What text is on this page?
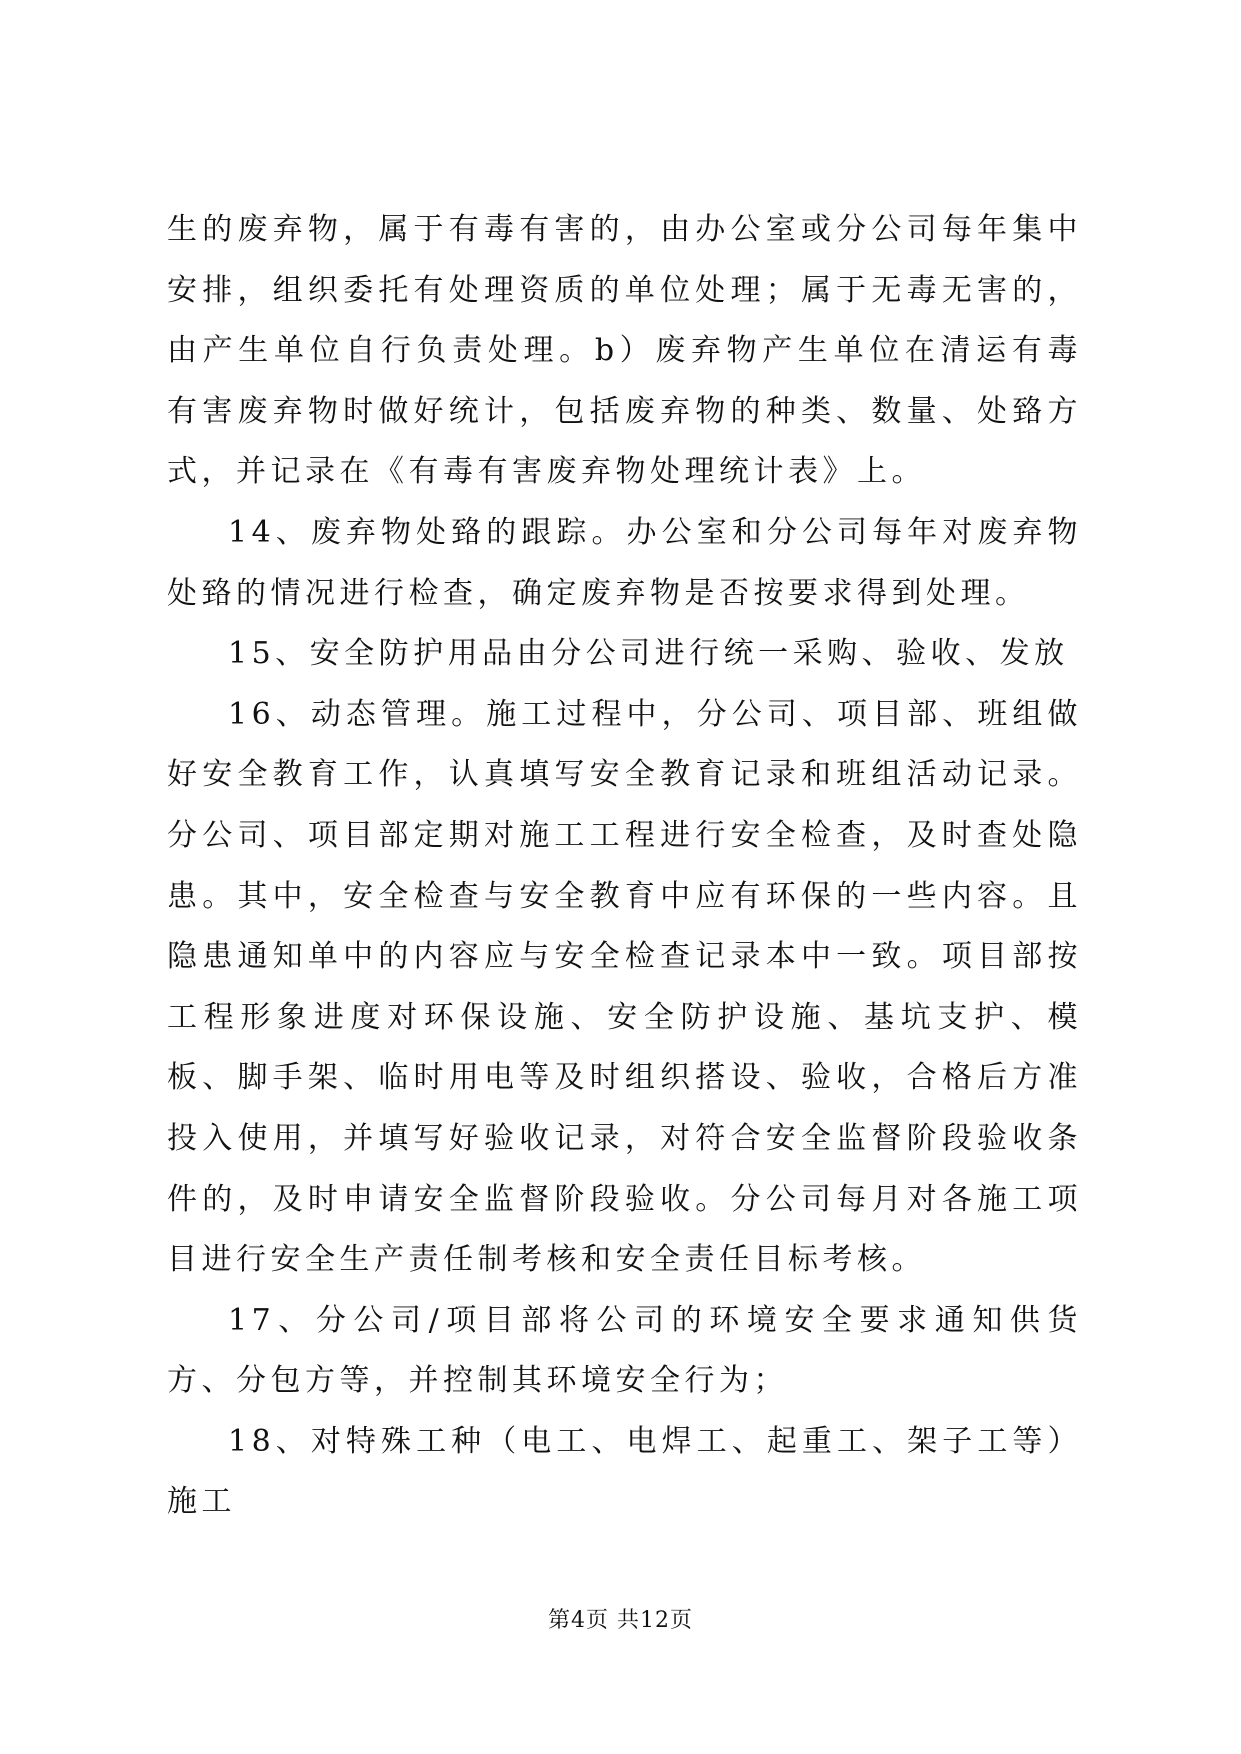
生的废弃物，属于有毒有害的，由办公室或分公司每年集中安排，组织委托有处理资质的单位处理；属于无毒无害的，由产生单位自行负责处理。b）废弃物产生单位在清运有毒有害废弃物时做好统计，包括废弃物的种类、数量、处臵方式，并记录在《有毒有害废弃物处理统计表》上。

14、废弃物处臵的跟踪。办公室和分公司每年对废弃物处臵的情况进行检查，确定废弃物是否按要求得到处理。

15、安全防护用品由分公司进行统一采购、验收、发放

16、动态管理。施工过程中，分公司、项目部、班组做好安全教育工作，认真填写安全教育记录和班组活动记录。分公司、项目部定期对施工工程进行安全检查，及时查处隐患。其中，安全检查与安全教育中应有环保的一些内容。且隐患通知单中的内容应与安全检查记录本中一致。项目部按工程形象进度对环保设施、安全防护设施、基坑支护、模板、脚手架、临时用电等及时组织搭设、验收，合格后方准投入使用，并填写好验收记录，对符合安全监督阶段验收条件的，及时申请安全监督阶段验收。分公司每月对各施工项目进行安全生产责任制考核和安全责任目标考核。

17、分公司/项目部将公司的环境安全要求通知供货方、分包方等，并控制其环境安全行为；

18、对特殊工种（电工、电焊工、起重工、架子工等）施工

第4页 共12页
